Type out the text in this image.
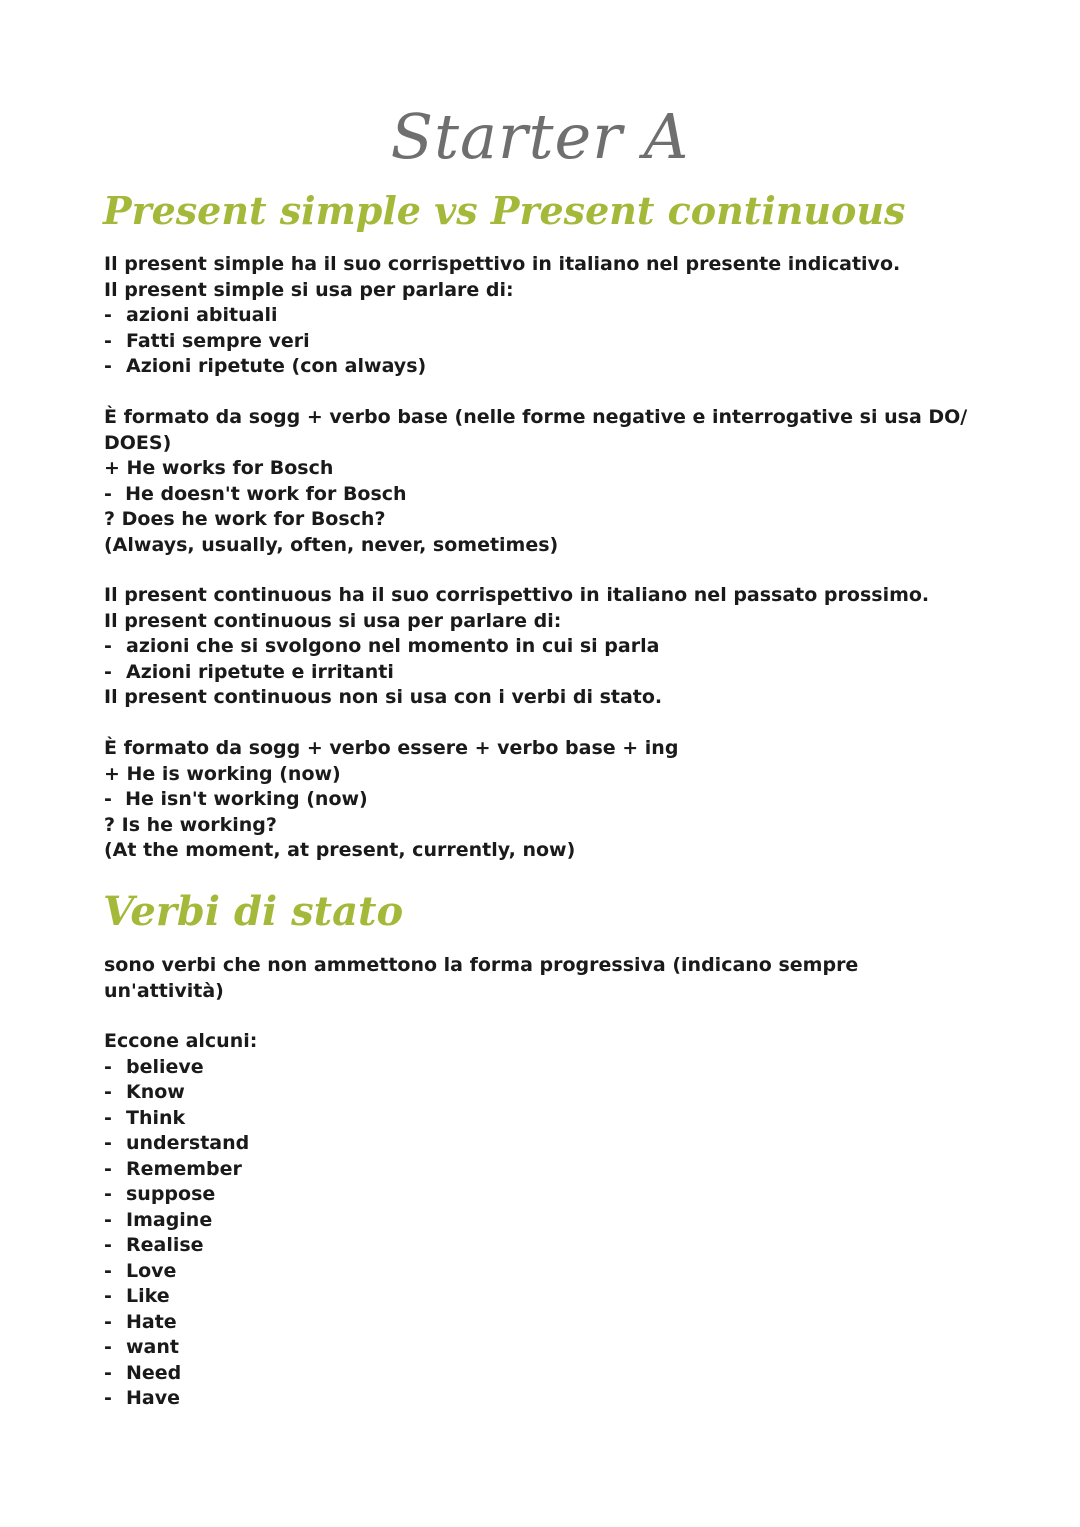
Starter A
Present simple vs Present continuous
Il present simple ha il suo corrispettivo in italiano nel presente indicativo.
Il present simple si usa per parlare di:
- azioni abituali
- Fatti sempre veri
- Azioni ripetute (con always)
È formato da sogg + verbo base (nelle forme negative e interrogative si usa DO/ DOES)
+ He works for Bosch
-  He doesn't work for Bosch
? Does he work for Bosch?
(Always, usually, often, never, sometimes)
Il present continuous ha il suo corrispettivo in italiano nel passato prossimo.
Il present continuous si usa per parlare di:
- azioni che si svolgono nel momento in cui si parla
- Azioni ripetute e irritanti
Il present continuous non si usa con i verbi di stato.
È formato da sogg + verbo essere + verbo base + ing
+ He is working (now)
-  He isn't working (now)
? Is he working?
(At the moment, at present, currently, now)
Verbi di stato
sono verbi che non ammettono la forma progressiva (indicano sempre un'attività)
Eccone alcuni:
- believe
- Know
- Think
- understand
- Remember
- suppose
- Imagine
- Realise
- Love
- Like
- Hate
- want
- Need
- Have
